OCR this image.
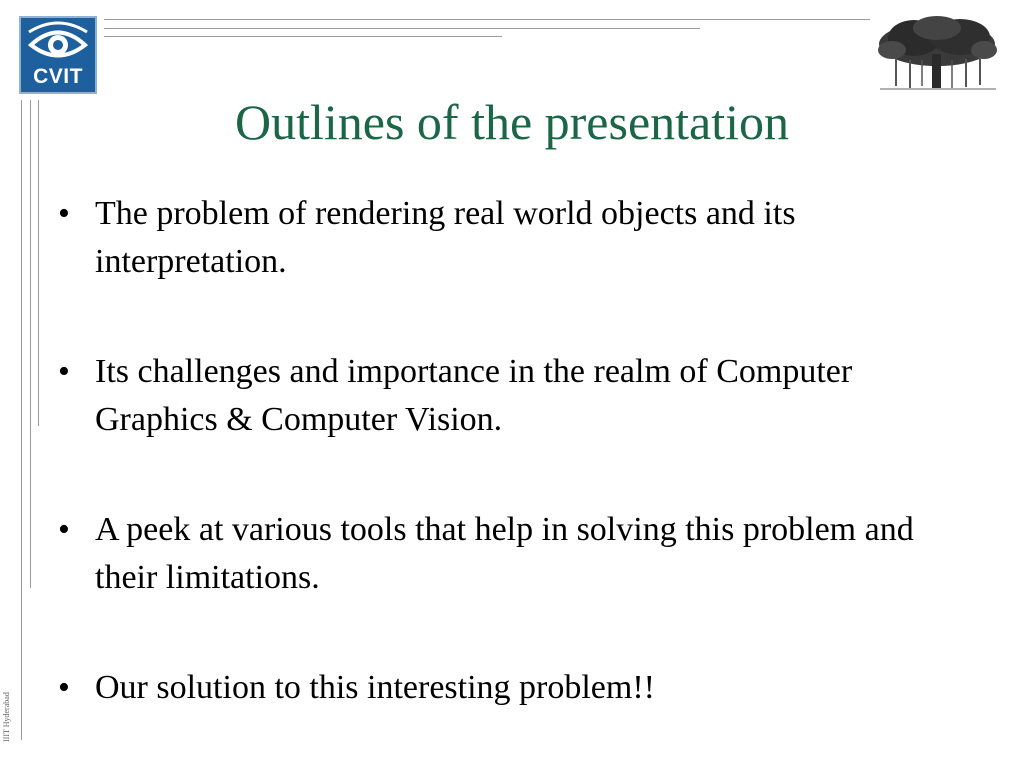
CVIT
IIIT Hyderabad
Outlines of the presentation
• The problem of rendering real world objects and its interpretation.
• Its challenges and importance in the realm of Computer Graphics & Computer Vision.
• A peek at various tools that help in solving this problem and their limitations.
• Our solution to this interesting problem!!
